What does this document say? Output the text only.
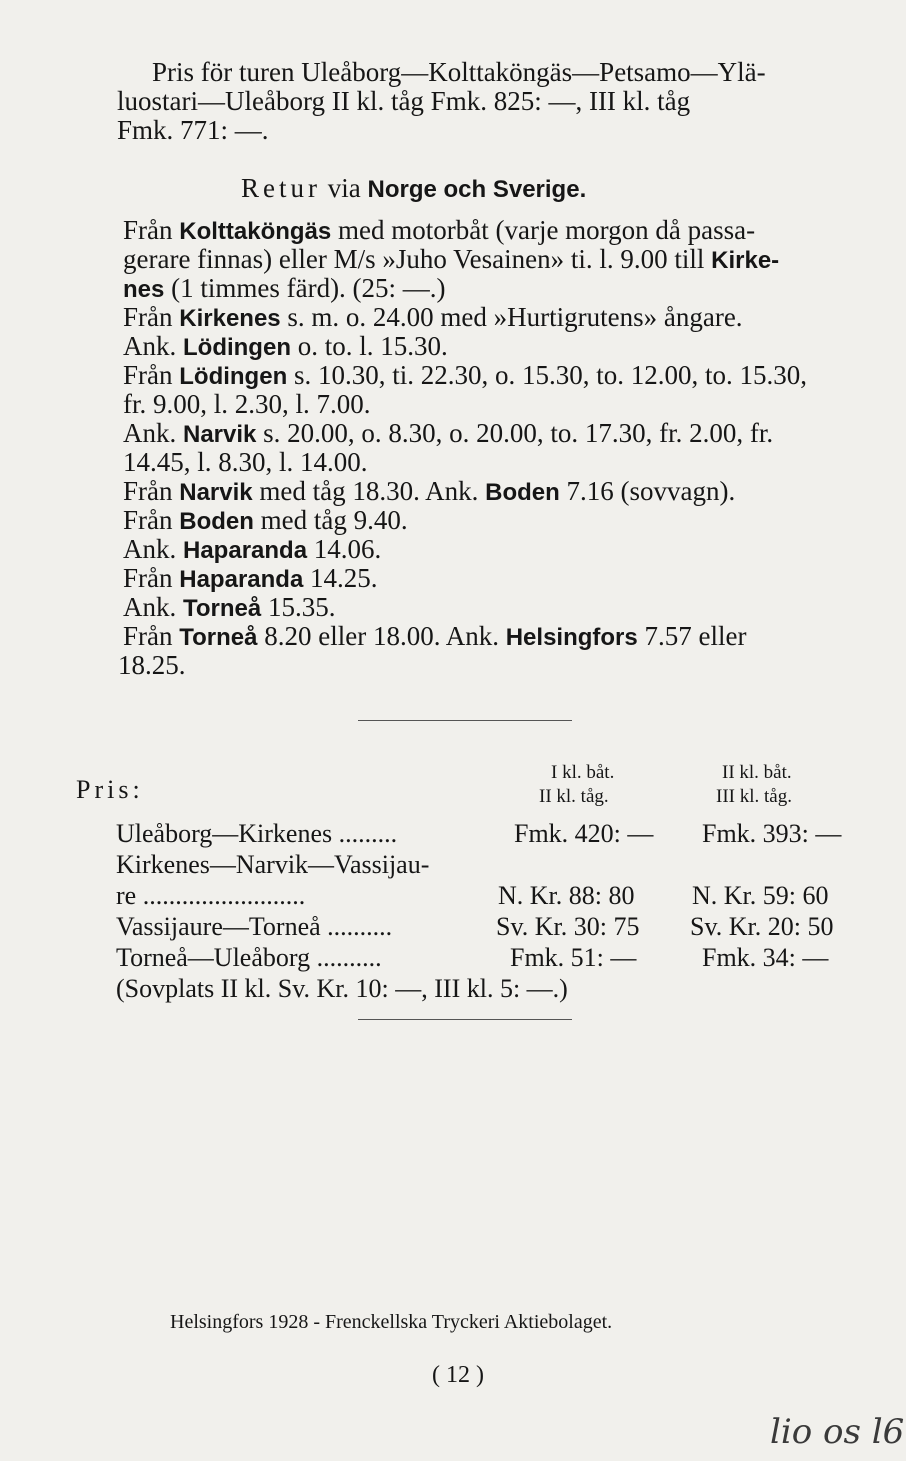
Pris för turen Uleåborg—Kolttaköngäs—Petsamo—Ylä-
luostari—Uleåborg II kl. tåg Fmk. 825: —, III kl. tåg
Fmk. 771: —.
Retur via Norge och Sverige.
Från Kolttaköngäs med motorbåt (varje morgon då passa-
gerare finnas) eller M/s »Juho Vesainen» ti. l. 9.00 till Kirke-
nes (1 timmes färd). (25: —.)
Från Kirkenes s. m. o. 24.00 med »Hurtigrutens» ångare.
Ank. Lödingen o. to. l. 15.30.
Från Lödingen s. 10.30, ti. 22.30, o. 15.30, to. 12.00, to. 15.30,
fr. 9.00, l. 2.30, l. 7.00.
Ank. Narvik s. 20.00, o. 8.30, o. 20.00, to. 17.30, fr. 2.00, fr.
14.45, l. 8.30, l. 14.00.
Från Narvik med tåg 18.30. Ank. Boden 7.16 (sovvagn).
Från Boden med tåg 9.40.
Ank. Haparanda 14.06.
Från Haparanda 14.25.
Ank. Torneå 15.35.
Från Torneå 8.20 eller 18.00. Ank. Helsingfors 7.57 eller
18.25.
Pris:
I kl. båt.
II kl. tåg.
II kl. båt.
III kl. tåg.
Uleåborg—Kirkenes .........	Fmk. 420: — Fmk. 393: —
Kirkenes—Narvik—Vassijau-
re .........................	N. Kr. 88: 80 N. Kr. 59: 60
Vassijaure—Torneå ..........	Sv. Kr. 30: 75 Sv. Kr. 20: 50
Torneå—Uleåborg ..........	Fmk. 51: —	Fmk. 34: —
(Sovplats II kl. Sv. Kr. 10: —, III kl. 5: —.)
Helsingfors 1928 - Frenckellska Tryckeri Aktiebolaget.
( 12 )
lio os l6
